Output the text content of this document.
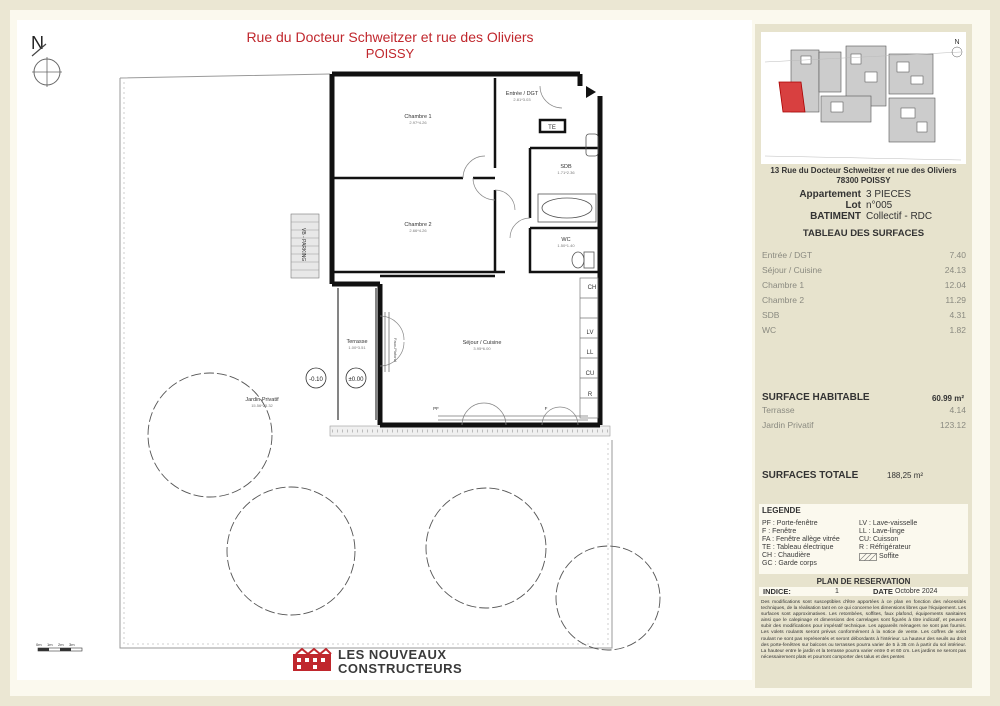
Rue du Docteur Schweitzer et rue des Oliviers
POISSY
N
VB - PARKING
Chambre 1
2.97*4.26
Entrée / DGT
2.81*3.03
SDB
1.71*2.36
Chambre 2
2.66*4.26
WC
1.50*1.40
Séjour / Cuisine
3.95*6.00
Terrasse
1.00*3.51
Jardin Privatif
15.56*25.32
TE
CH
LV
LL
CU
R
PF	F
Faux-Plafond
-0.10	±0.00
0m 1m 2m 3m
LES NOUVEAUX
CONSTRUCTEURS
N
13 Rue du Docteur Schweitzer et rue des Oliviers
78300 POISSY
Appartement 3 PIECES
Lot n°005
BATIMENT Collectif - RDC
TABLEAU DES SURFACES
Entrée / DGT	7.40
Séjour / Cuisine	24.13
Chambre 1	12.04
Chambre 2	11.29
SDB	4.31
WC	1.82
SURFACE HABITABLE	60.99 m²
Terrasse	4.14
Jardin Privatif	123.12
SURFACES TOTALE	188,25 m²
LEGENDE
PF : Porte-fenêtre
F : Fenêtre
FA : Fenêtre allège vitrée
TE : Tableau électrique
CH : Chaudière
GC : Garde corps
LV : Lave-vaisselle
LL : Lave-linge
CU: Cuisson
R : Réfrigérateur
Soffite
PLAN DE RESERVATION
INDICE:	1	DATE Octobre 2024
Des modifications sont susceptibles d'être apportées à ce plan en fonction des nécessités techniques, de la réalisation tant en ce qui concerne les dimensions libres que l'équipement. Les surfaces sont approximatives. Les retombées, soffites, faux plafond, équipements sanitaires ainsi que le calepinage et dimensions des carrelages sont figurés à titre indicatif, et peuvent subir des modifications pour impératif technique. Les appareils ménagers ne sont pas fournis. Les volets roulants seront prévus conformément à la notice de vente. Les coffres de volet roulant ne sont pas représentés et seront débordants à l'intérieur. La hauteur des seuils au droit des porte-fenêtres sur balcons ou terrasses pourra varier de 5 à 35 cm à partir du sol intérieur. La hauteur entre le jardin et la terrasse pourra varier entre 0 et 60 cm. Les jardins ne seront pas nécessairement plats et pourront comporter des talus et des pentes
